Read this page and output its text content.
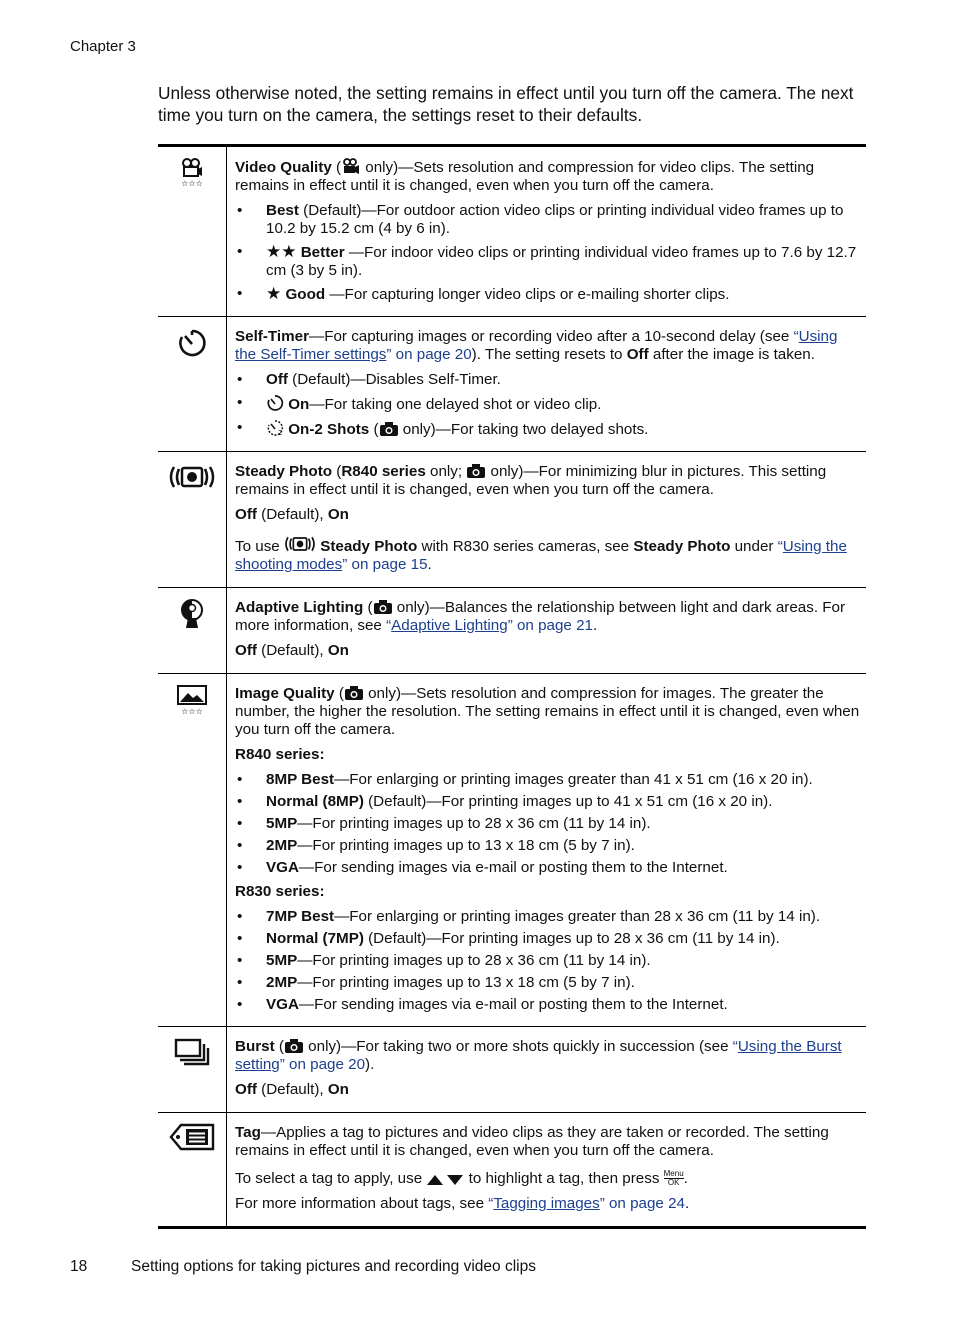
Chapter 3
Unless otherwise noted, the setting remains in effect until you turn off the camera. The next time you turn on the camera, the settings reset to their defaults.
☆☆☆

Video Quality ( only)—Sets resolution and compression for video clips. The setting remains in effect until it is changed, even when you turn off the camera.

• Best (Default)—For outdoor action video clips or printing individual video frames up to 10.2 by 15.2 cm (4 by 6 in).
• ★★ Better —For indoor video clips or printing individual video frames up to 7.6 by 12.7 cm (3 by 5 in).
• ★ Good —For capturing longer video clips or e-mailing shorter clips.

Self-Timer—For capturing images or recording video after a 10-second delay (see “Using the Self-Timer settings” on page 20). The setting resets to Off after the image is taken.

• Off (Default)—Disables Self-Timer.
• On—For taking one delayed shot or video clip.
• 2 On-2 Shots ( only)—For taking two delayed shots.

Steady Photo (R840 series only;  only)—For minimizing blur in pictures. This setting remains in effect until it is changed, even when you turn off the camera.

Off (Default), On

To use  Steady Photo with R830 series cameras, see Steady Photo under “Using the shooting modes” on page 15.

Adaptive Lighting ( only)—Balances the relationship between light and dark areas. For more information, see “Adaptive Lighting” on page 21.

Off (Default), On

☆☆☆

Image Quality ( only)—Sets resolution and compression for images. The greater the number, the higher the resolution. The setting remains in effect until it is changed, even when you turn off the camera.

R840 series:

• 8MP Best—For enlarging or printing images greater than 41 x 51 cm (16 x 20 in).
• Normal (8MP) (Default)—For printing images up to 41 x 51 cm (16 x 20 in).
• 5MP—For printing images up to 28 x 36 cm (11 by 14 in).
• 2MP—For printing images up to 13 x 18 cm (5 by 7 in).
• VGA—For sending images via e-mail or posting them to the Internet.

R830 series:

• 7MP Best—For enlarging or printing images greater than 28 x 36 cm (11 by 14 in).
• Normal (7MP) (Default)—For printing images up to 28 x 36 cm (11 by 14 in).
• 5MP—For printing images up to 28 x 36 cm (11 by 14 in).
• 2MP—For printing images up to 13 x 18 cm (5 by 7 in).
• VGA—For sending images via e-mail or posting them to the Internet.

Burst ( only)—For taking two or more shots quickly in succession (see “Using the Burst setting” on page 20).

Off (Default), On

Tag—Applies a tag to pictures and video clips as they are taken or recorded. The setting remains in effect until it is changed, even when you turn off the camera.

To select a tag to apply, use	to highlight a tag, then press Menu
OK .

For more information about tags, see “Tagging images” on page 24.

18	Setting options for taking pictures and recording video clips
